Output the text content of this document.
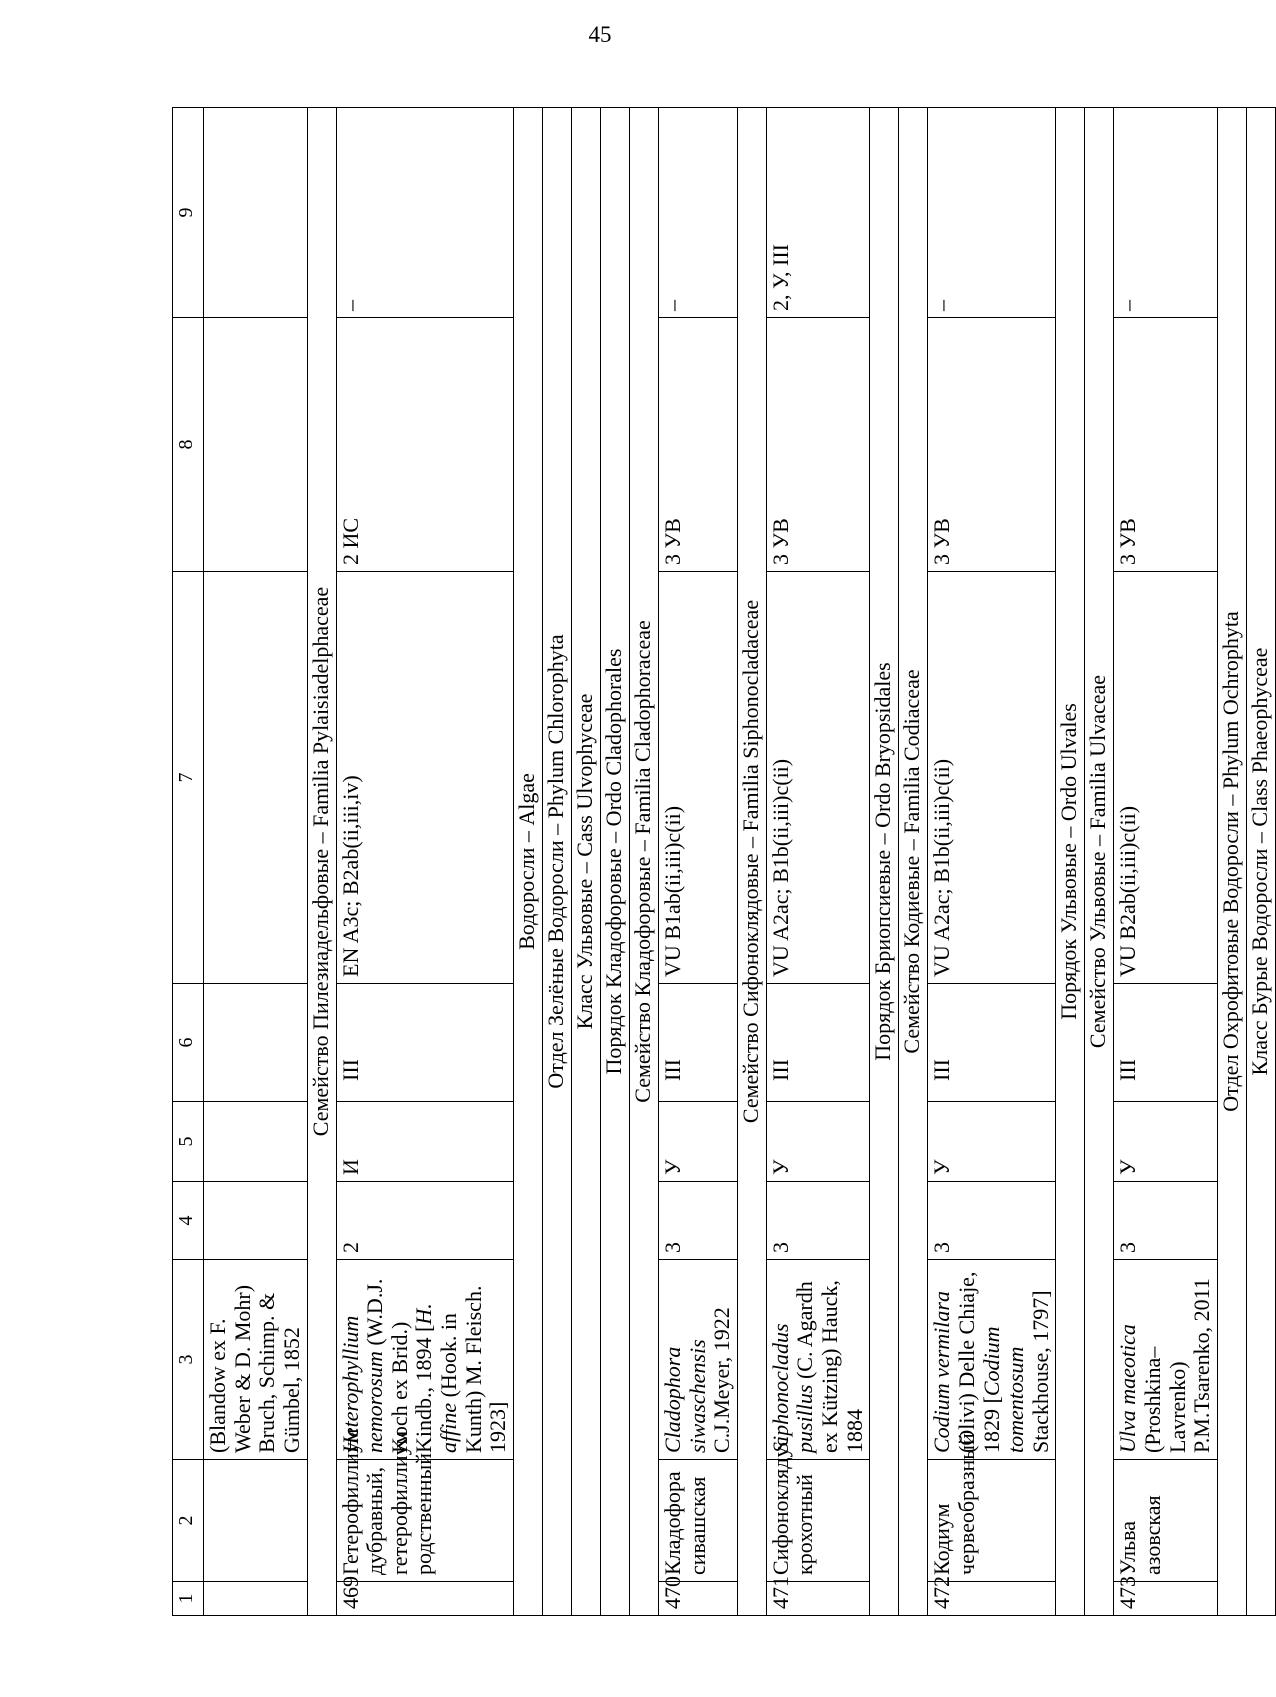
45
1	2	3	4	5	6	7	8	9
		(Blandow ex F. Weber & D. Mohr) Bruch, Schimp. & Gümbel, 1852						
Семейство Пилезиадельфовые – Familia Pylaisiadelphaceae								
469	Гетерофиллиум дубравный, гетерофиллиум родственный	Heterophyllium nemorosum (W.D.J. Koch ex Brid.) Kindb., 1894 [H. affine (Hook. in Kunth) M. Fleisch. 1923]	2	И	III	EN A3c; B2ab(ii,iii,iv)	2 ИС	–
Водоросли – Algae								
Отдел Зелёные Водоросли – Phylum Chlorophyta								
Класс Ульвовые – Cass Ulvophyceae								
Порядок Кладофоровые – Ordo Cladophorales								
Семейство Кладофоровые – Familia Cladophoraceae								
470	Кладофора сивашская	Cladophora siwaschensis C.J.Meyer, 1922	3	У	III	VU B1ab(ii,iii)c(ii)	3 УВ	–
Семейство Сифоноклядовые – Familia Siphonocladaceae								
471	Сифоноклядус крохотный	Siphonocladus pusillus (C. Agardh ex Kützing) Hauck, 1884	3	У	III	VU A2ac; B1b(ii,iii)c(ii)	3 УВ	2, У, III
Порядок Бриопсиевые – Ordo Bryopsidales								
Семейство Кодиевые – Familia Codiaceae								
472	Кодиум червеобразный	Codium vermilara (Olivi) Delle Chiaje, 1829 [Codium tomentosum Stackhouse, 1797]	3	У	III	VU A2ac; B1b(ii,iii)c(ii)	3 УВ	–
Порядок Ульвовые – Ordo Ulvales								
Семейство Ульвовые – Familia Ulvaceae								
473	Ульва азовская	Ulva maeotica (Proshkina–Lavrenko) P.M.Tsarenko, 2011	3	У	III	VU B2ab(ii,iii)c(ii)	3 УВ	–
Отдел Охрофитовые Водоросли – Phylum Ochrophyta								
Класс Бурые Водоросли – Class Phaeophyceae								
